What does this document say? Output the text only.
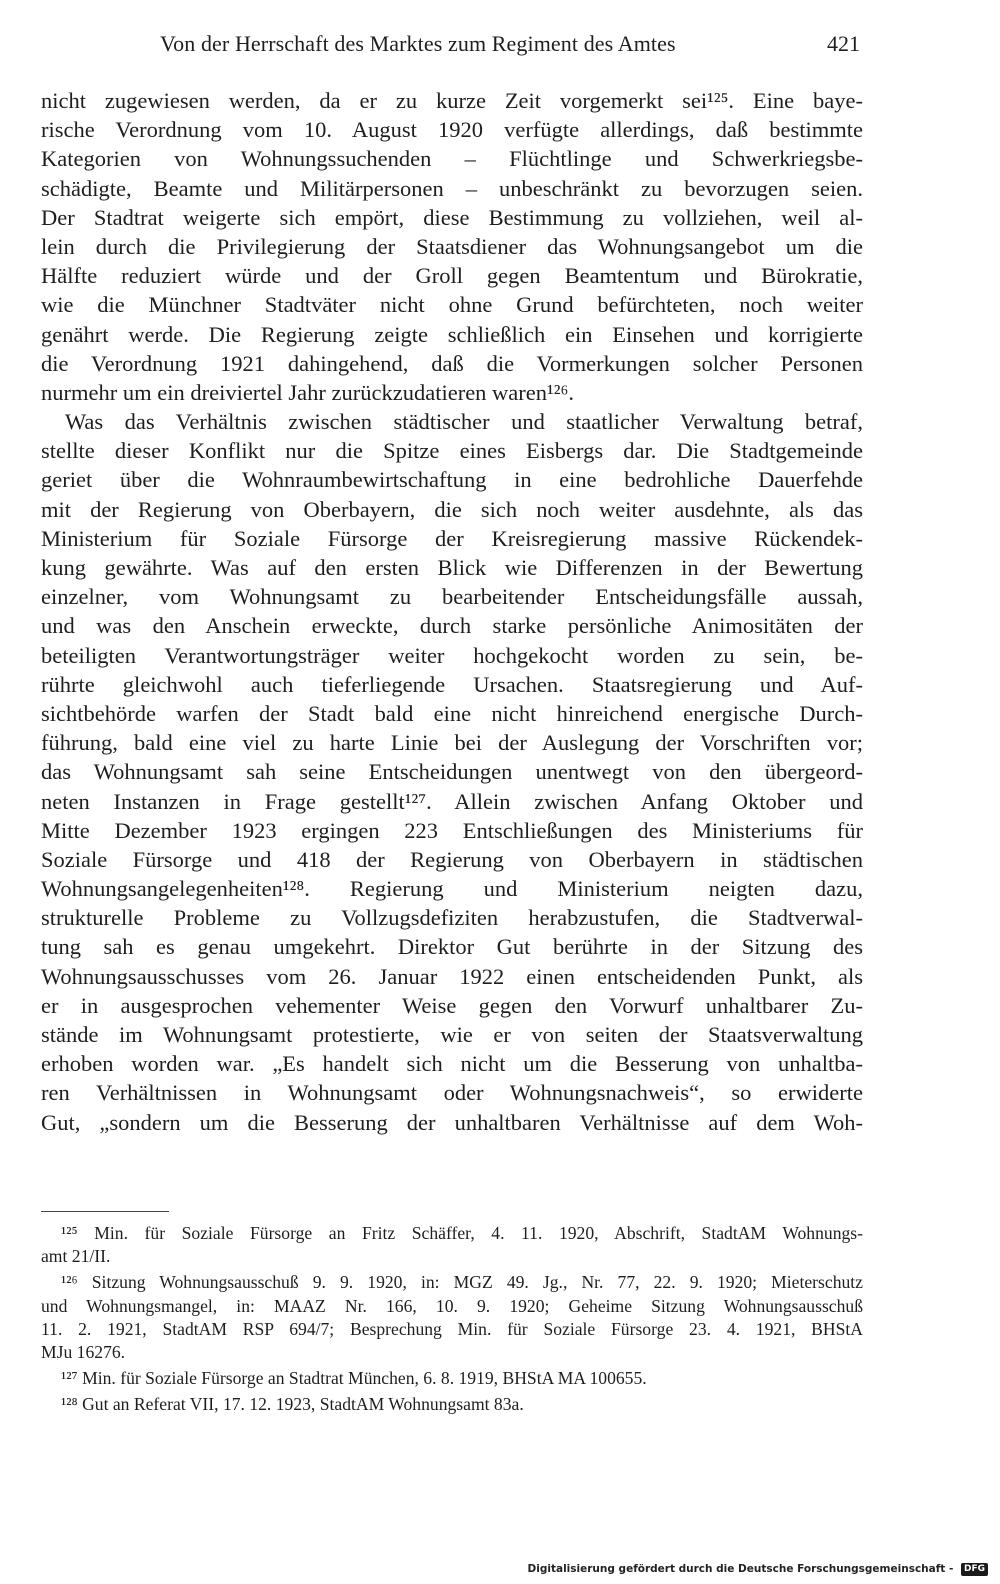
Von der Herrschaft des Marktes zum Regiment des Amtes	421
nicht zugewiesen werden, da er zu kurze Zeit vorgemerkt sei¹²⁵. Eine baye-
rische Verordnung vom 10. August 1920 verfügte allerdings, daß bestimmte
Kategorien von Wohnungssuchenden – Flüchtlinge und Schwerkriegsbe-
schädigte, Beamte und Militärpersonen – unbeschränkt zu bevorzugen seien.
Der Stadtrat weigerte sich empört, diese Bestimmung zu vollziehen, weil al-
lein durch die Privilegierung der Staatsdiener das Wohnungsangebot um die
Hälfte reduziert würde und der Groll gegen Beamtentum und Bürokratie,
wie die Münchner Stadtväter nicht ohne Grund befürchteten, noch weiter
genährt werde. Die Regierung zeigte schließlich ein Einsehen und korrigierte
die Verordnung 1921 dahingehend, daß die Vormerkungen solcher Personen
nurmehr um ein dreiviertel Jahr zurückzudatieren waren¹²⁶.
Was das Verhältnis zwischen städtischer und staatlicher Verwaltung betraf,
stellte dieser Konflikt nur die Spitze eines Eisbergs dar. Die Stadtgemeinde
geriet über die Wohnraumbewirtschaftung in eine bedrohliche Dauerfehde
mit der Regierung von Oberbayern, die sich noch weiter ausdehnte, als das
Ministerium für Soziale Fürsorge der Kreisregierung massive Rückendek-
kung gewährte. Was auf den ersten Blick wie Differenzen in der Bewertung
einzelner, vom Wohnungsamt zu bearbeitender Entscheidungsfälle aussah,
und was den Anschein erweckte, durch starke persönliche Animositäten der
beteiligten Verantwortungsträger weiter hochgekocht worden zu sein, be-
rührte gleichwohl auch tieferliegende Ursachen. Staatsregierung und Auf-
sichtbehörde warfen der Stadt bald eine nicht hinreichend energische Durch-
führung, bald eine viel zu harte Linie bei der Auslegung der Vorschriften vor;
das Wohnungsamt sah seine Entscheidungen unentwegt von den übergeord-
neten Instanzen in Frage gestellt¹²⁷. Allein zwischen Anfang Oktober und
Mitte Dezember 1923 ergingen 223 Entschließungen des Ministeriums für
Soziale Fürsorge und 418 der Regierung von Oberbayern in städtischen
Wohnungsangelegenheiten¹²⁸. Regierung und Ministerium neigten dazu,
strukturelle Probleme zu Vollzugsdefiziten herabzustufen, die Stadtverwal-
tung sah es genau umgekehrt. Direktor Gut berührte in der Sitzung des
Wohnungsausschusses vom 26. Januar 1922 einen entscheidenden Punkt, als
er in ausgesprochen vehementer Weise gegen den Vorwurf unhaltbarer Zu-
stände im Wohnungsamt protestierte, wie er von seiten der Staatsverwaltung
erhoben worden war. „Es handelt sich nicht um die Besserung von unhaltba-
ren Verhältnissen in Wohnungsamt oder Wohnungsnachweis“, so erwiderte
Gut, „sondern um die Besserung der unhaltbaren Verhältnisse auf dem Woh-
¹²⁵ Min. für Soziale Fürsorge an Fritz Schäffer, 4. 11. 1920, Abschrift, StadtAM Wohnungs-
amt 21/II.
¹²⁶ Sitzung Wohnungsausschuß 9. 9. 1920, in: MGZ 49. Jg., Nr. 77, 22. 9. 1920; Mieterschutz
und Wohnungsmangel, in: MAAZ Nr. 166, 10. 9. 1920; Geheime Sitzung Wohnungsausschuß
11. 2. 1921, StadtAM RSP 694/7; Besprechung Min. für Soziale Fürsorge 23. 4. 1921, BHStA
MJu 16276.
¹²⁷ Min. für Soziale Fürsorge an Stadtrat München, 6. 8. 1919, BHStA MA 100655.
¹²⁸ Gut an Referat VII, 17. 12. 1923, StadtAM Wohnungsamt 83a.
Digitalisierung gefördert durch die Deutsche Forschungsgemeinschaft - DFG
